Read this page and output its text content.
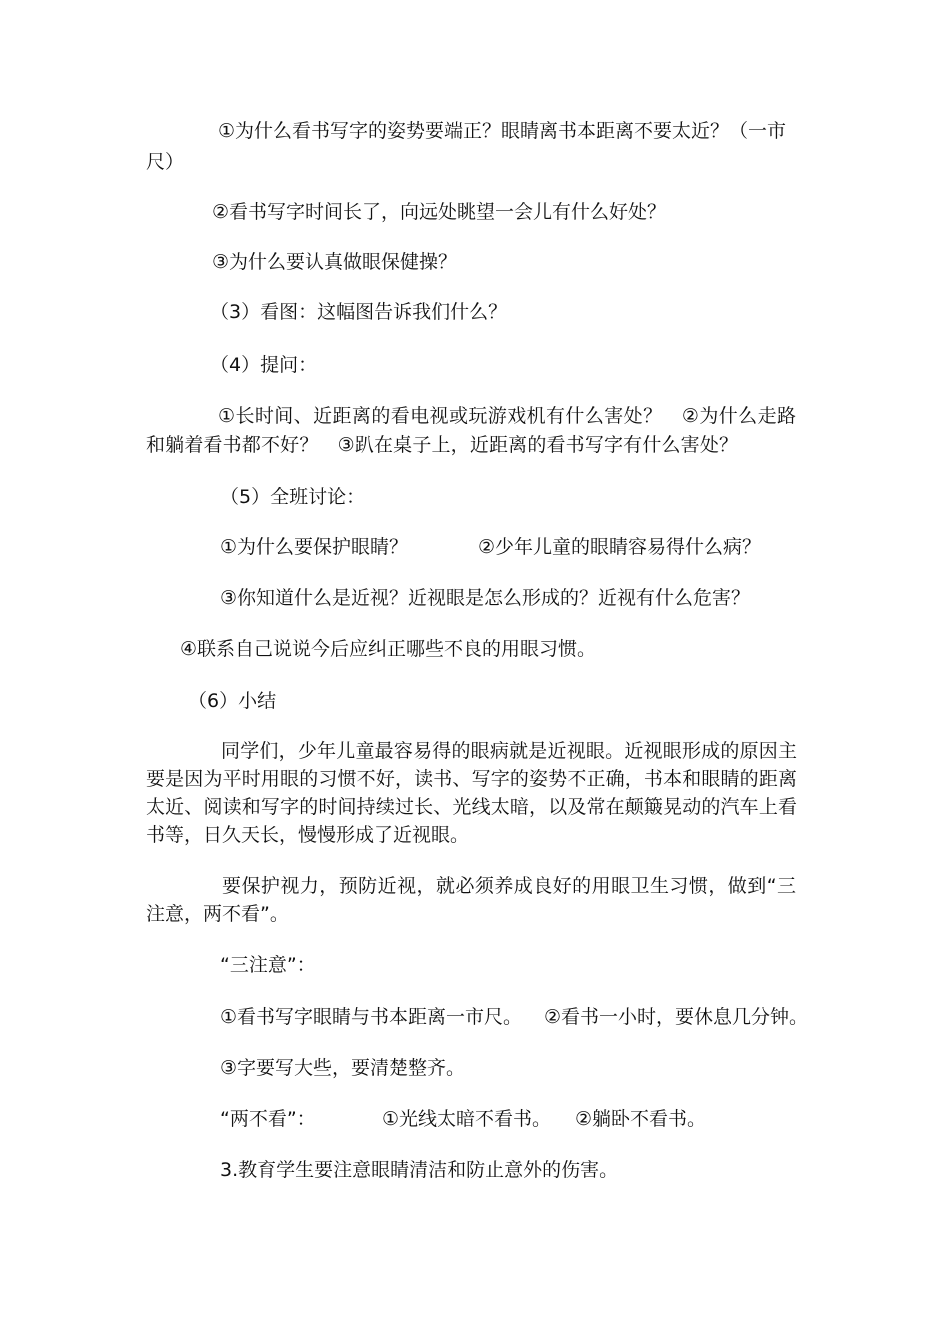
①为什么看书写字的姿势要端正？眼睛离书本距离不要太近？（一市
尺）
②看书写字时间长了，向远处眺望一会儿有什么好处？
③为什么要认真做眼保健操？
（3）看图：这幅图告诉我们什么？
（4）提问：
①长时间、近距离的看电视或玩游戏机有什么害处？　②为什么走路
和躺着看书都不好？　③趴在桌子上，近距离的看书写字有什么害处？
（5）全班讨论：
①为什么要保护眼睛？	②少年儿童的眼睛容易得什么病？
③你知道什么是近视？近视眼是怎么形成的？近视有什么危害？
④联系自己说说今后应纠正哪些不良的用眼习惯。
（6）小结
同学们，少年儿童最容易得的眼病就是近视眼。近视眼形成的原因主
要是因为平时用眼的习惯不好，读书、写字的姿势不正确，书本和眼睛的距离
太近、阅读和写字的时间持续过长、光线太暗，以及常在颠簸晃动的汽车上看
书等，日久天长，慢慢形成了近视眼。
要保护视力，预防近视，就必须养成良好的用眼卫生习惯，做到“三
注意，两不看”。
“三注意”：
①看书写字眼睛与书本距离一市尺。 ②看书一小时，要休息几分钟。
③字要写大些，要清楚整齐。
“两不看”：	①光线太暗不看书。 ②躺卧不看书。
3.教育学生要注意眼睛清洁和防止意外的伤害。
